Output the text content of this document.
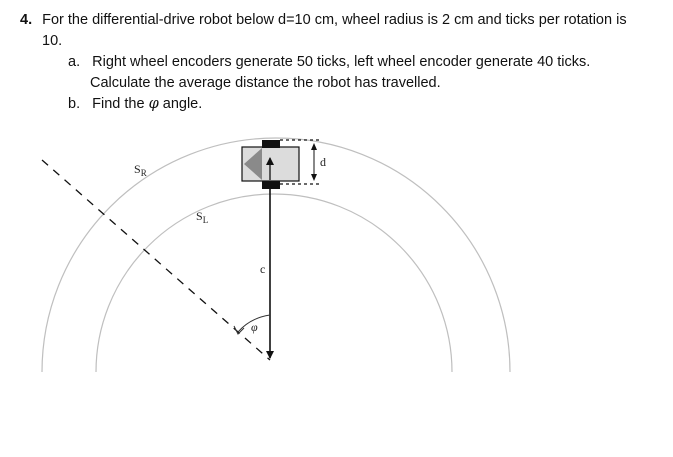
4. For the differential-drive robot below d=10 cm, wheel radius is 2 cm and ticks per rotation is
10.
a. Right wheel encoders generate 50 ticks, left wheel encoder generate 40 ticks.
Calculate the average distance the robot has travelled.
b. Find the φ angle.
$S_R$
$S_L$
c
φ
d
